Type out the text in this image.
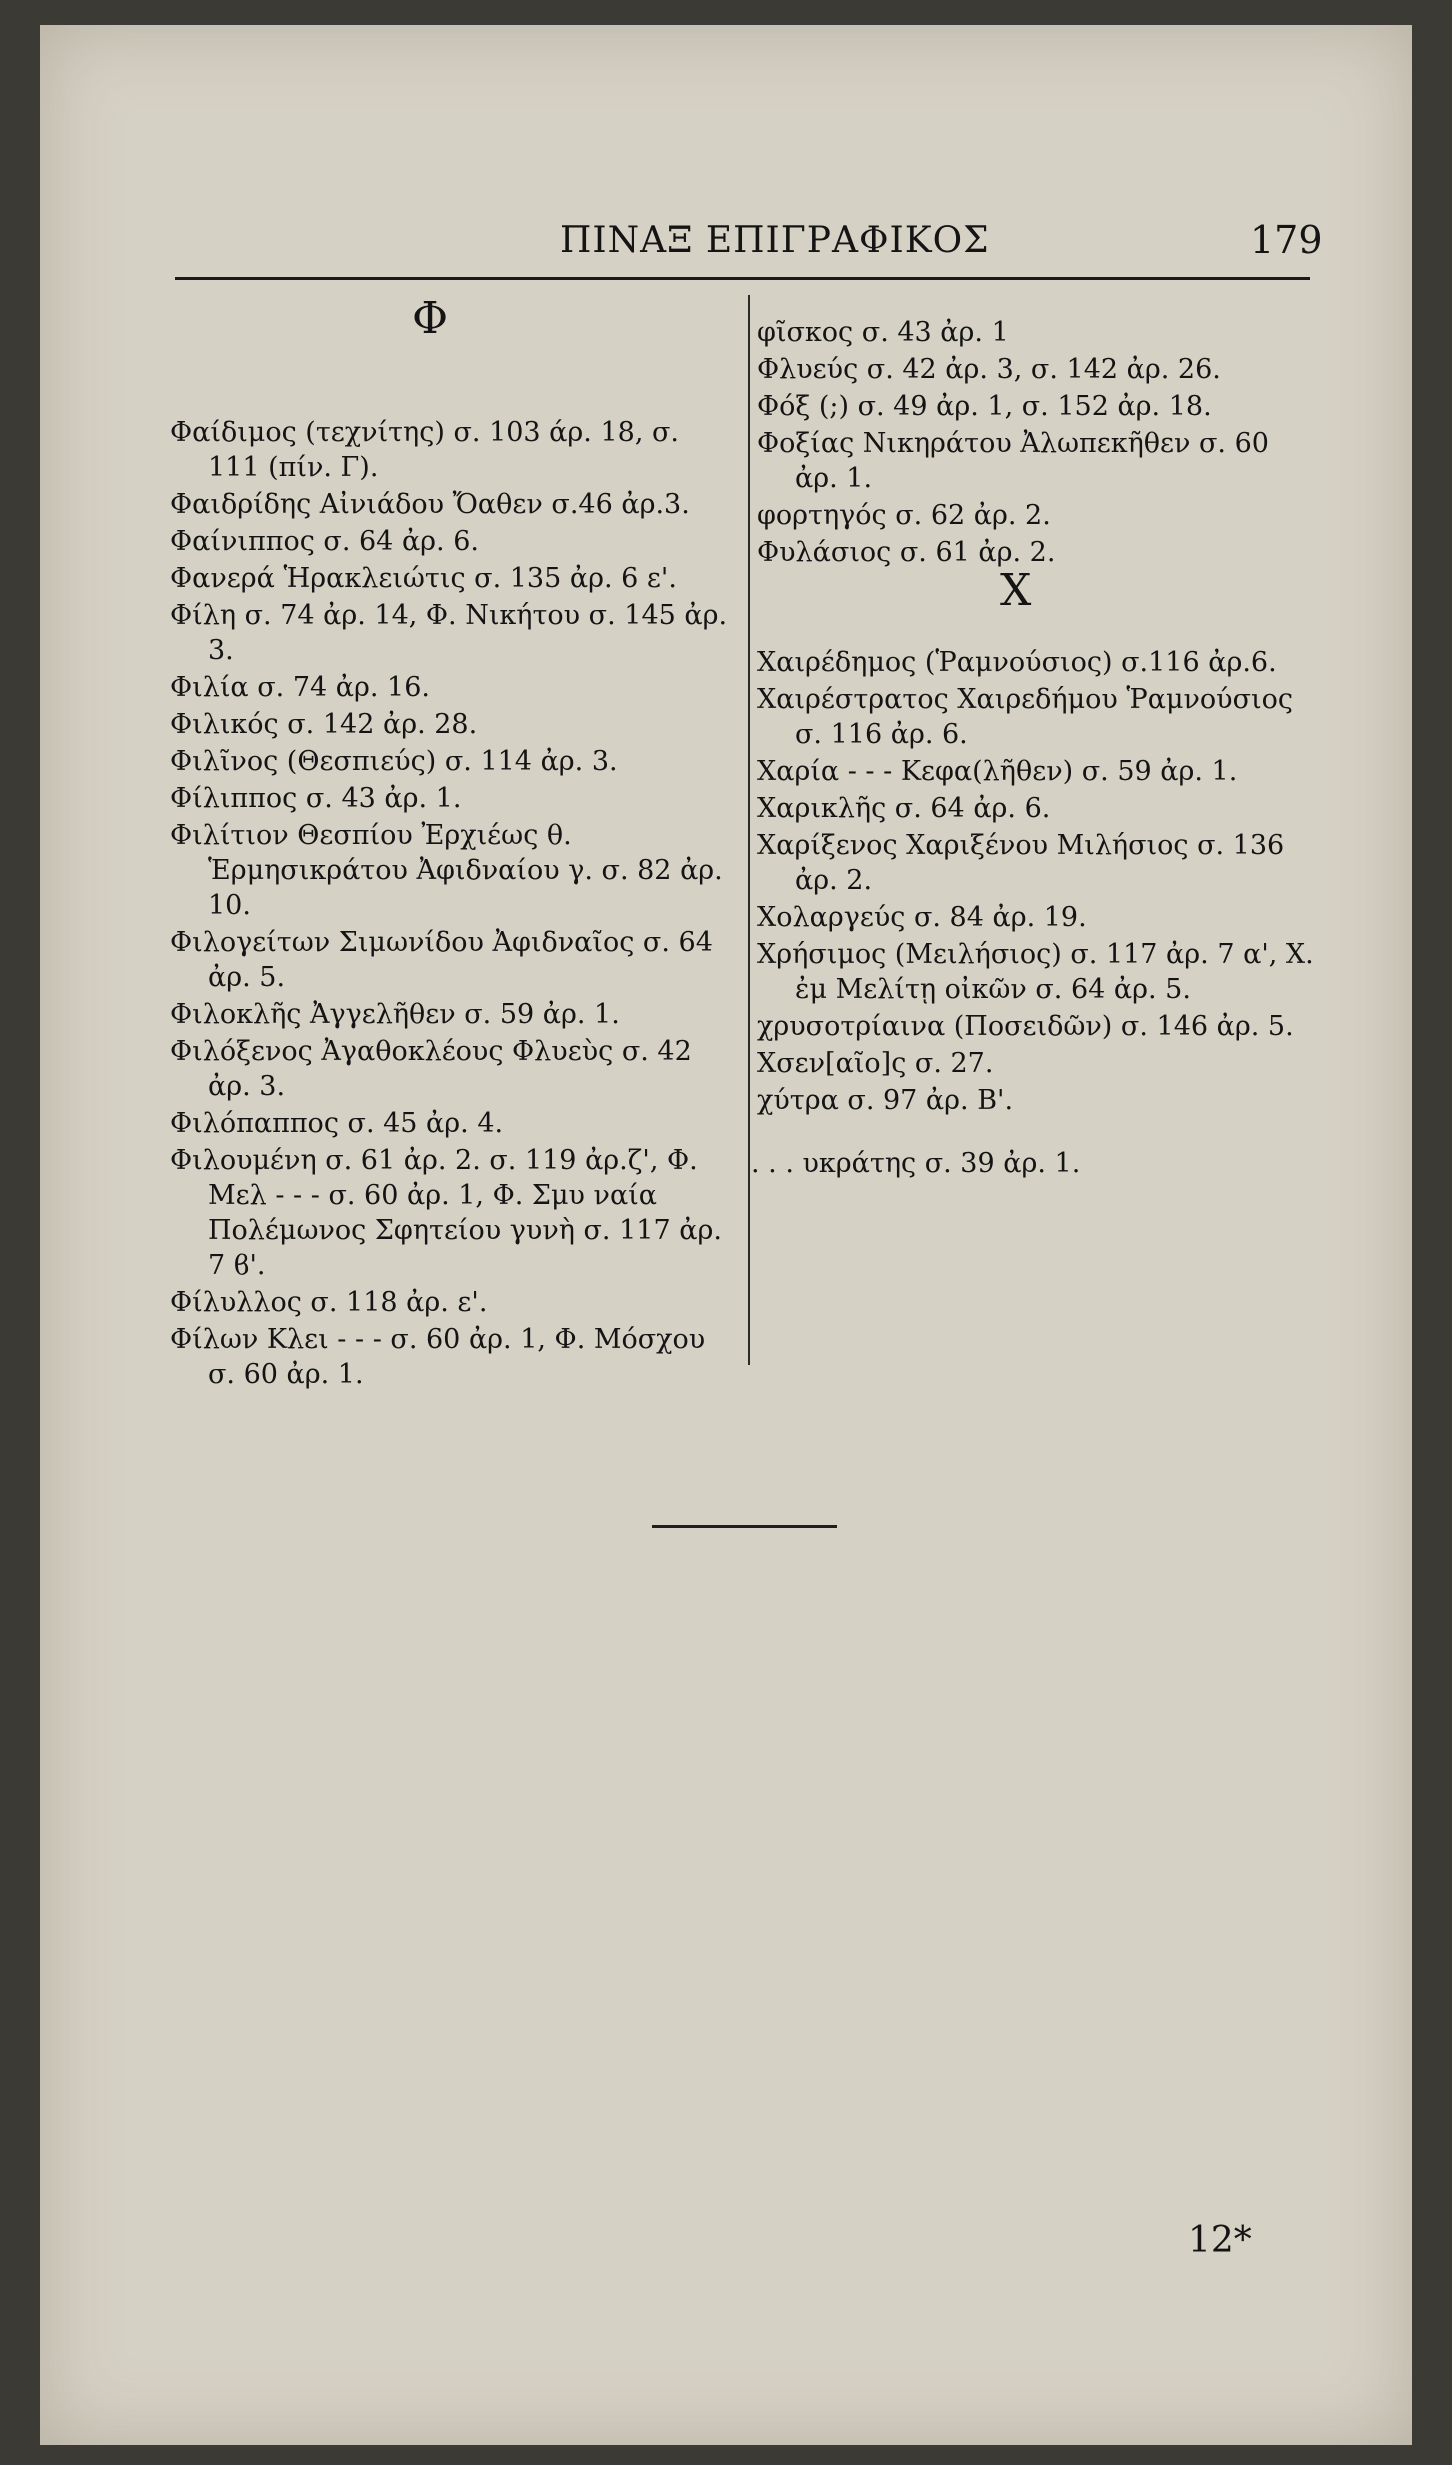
ΠΙΝΑΞ ΕΠΙΓΡΑΦΙΚΟΣ	179
Φ

Φαίδιμος (τεχνίτης) σ. 103 άρ. 18, σ. 111 (πίν. Γ).

Φαιδρίδης Αἰνιάδου Ὄαθεν σ.46 ἀρ.3.

Φαίνιππος σ. 64 ἀρ. 6.

Φανερά Ἡρακλειώτις σ. 135 ἀρ. 6 ε'.

Φίλη σ. 74 ἀρ. 14, Φ. Νικήτου σ. 145 ἀρ. 3.

Φιλία σ. 74 ἀρ. 16.

Φιλικός σ. 142 ἀρ. 28.

Φιλῖνος (Θεσπιεύς) σ. 114 ἀρ. 3.

Φίλιππος σ. 43 ἀρ. 1.

Φιλίτιον Θεσπίου Ἐρχιέως θ. Ἑρμησικράτου Ἀφιδναίου γ. σ. 82 ἀρ. 10.

Φιλογείτων Σιμωνίδου Ἀφιδναῖος σ. 64 ἀρ. 5.

Φιλοκλῆς Ἀγγελῆθεν σ. 59 ἀρ. 1.

Φιλόξενος Ἀγαθοκλέους Φλυεὺς σ. 42 ἀρ. 3.

Φιλόπαππος σ. 45 ἀρ. 4.

Φιλουμένη σ. 61 ἀρ. 2. σ. 119 ἀρ.ζ', Φ. Μελ - - - σ. 60 ἀρ. 1, Φ. Σμυ ναία Πολέμωνος Σφητείου γυνὴ σ. 117 ἀρ. 7 ϐ'.

Φίλυλλος σ. 118 ἀρ. ε'.

Φίλων Κλει - - - σ. 60 ἀρ. 1, Φ. Μόσχου σ. 60 ἀρ. 1.

φῖσκος σ. 43 ἀρ. 1

Φλυεύς σ. 42 ἀρ. 3, σ. 142 ἀρ. 26.

Φόξ (;) σ. 49 ἀρ. 1, σ. 152 ἀρ. 18.

Φοξίας Νικηράτου Ἀλωπεκῆθεν σ. 60 ἀρ. 1.

φορτηγός σ. 62 ἀρ. 2.

Φυλάσιος σ. 61 ἀρ. 2.

Χ

Χαιρέδημος (Ῥαμνούσιος) σ.116 ἀρ.6.

Χαιρέστρατος Χαιρεδήμου Ῥαμνούσιος σ. 116 ἀρ. 6.

Χαρία - - - Κεφα(λῆθεν) σ. 59 ἀρ. 1.

Χαρικλῆς σ. 64 ἀρ. 6.

Χαρίξενος Χαριξένου Μιλήσιος σ. 136 ἀρ. 2.

Χολαργεύς σ. 84 ἀρ. 19.

Χρήσιμος (Μειλήσιος) σ. 117 ἀρ. 7 α', Χ. ἐμ Μελίτῃ οἰκῶν σ. 64 ἀρ. 5.

χρυσοτρίαινα (Ποσειδῶν) σ. 146 ἀρ. 5.

Χσεν[αῖο]ς σ. 27.

χύτρα σ. 97 ἀρ. Β'.

. . . υκράτης σ. 39 ἀρ. 1.

12*
